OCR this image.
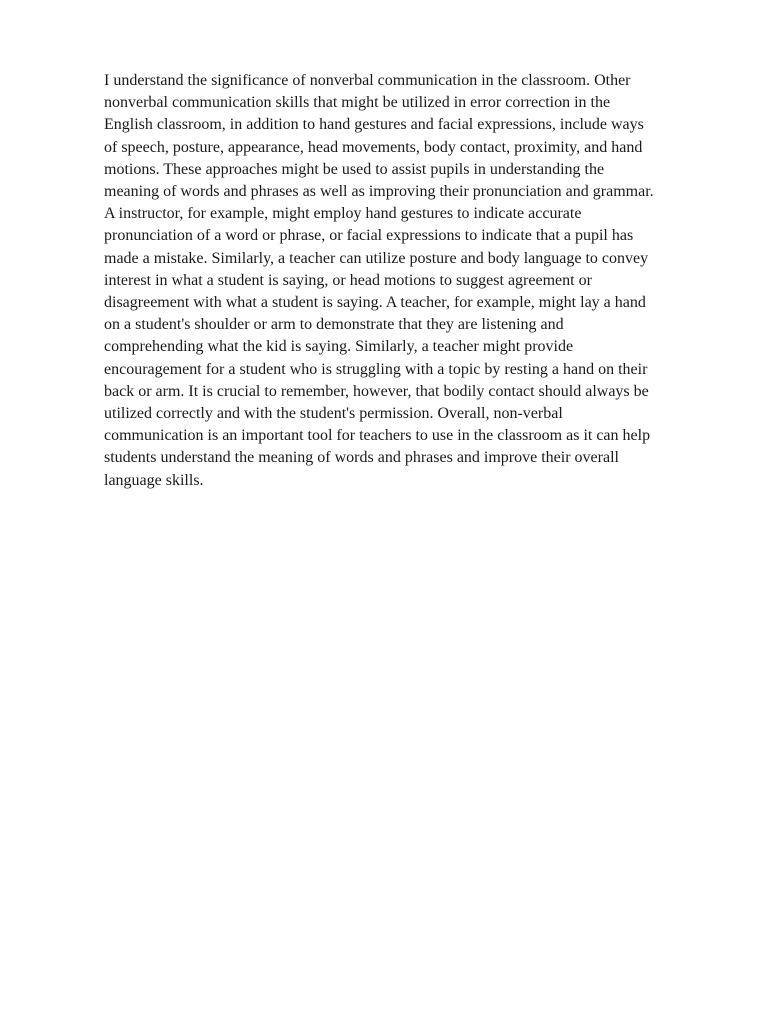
I understand the significance of nonverbal communication in the classroom. Other
nonverbal communication skills that might be utilized in error correction in the
English classroom, in addition to hand gestures and facial expressions, include ways
of speech, posture, appearance, head movements, body contact, proximity, and hand
motions. These approaches might be used to assist pupils in understanding the
meaning of words and phrases as well as improving their pronunciation and grammar.
A instructor, for example, might employ hand gestures to indicate accurate
pronunciation of a word or phrase, or facial expressions to indicate that a pupil has
made a mistake. Similarly, a teacher can utilize posture and body language to convey
interest in what a student is saying, or head motions to suggest agreement or
disagreement with what a student is saying. A teacher, for example, might lay a hand
on a student's shoulder or arm to demonstrate that they are listening and
comprehending what the kid is saying. Similarly, a teacher might provide
encouragement for a student who is struggling with a topic by resting a hand on their
back or arm. It is crucial to remember, however, that bodily contact should always be
utilized correctly and with the student's permission. Overall, non-verbal
communication is an important tool for teachers to use in the classroom as it can help
students understand the meaning of words and phrases and improve their overall
language skills.
